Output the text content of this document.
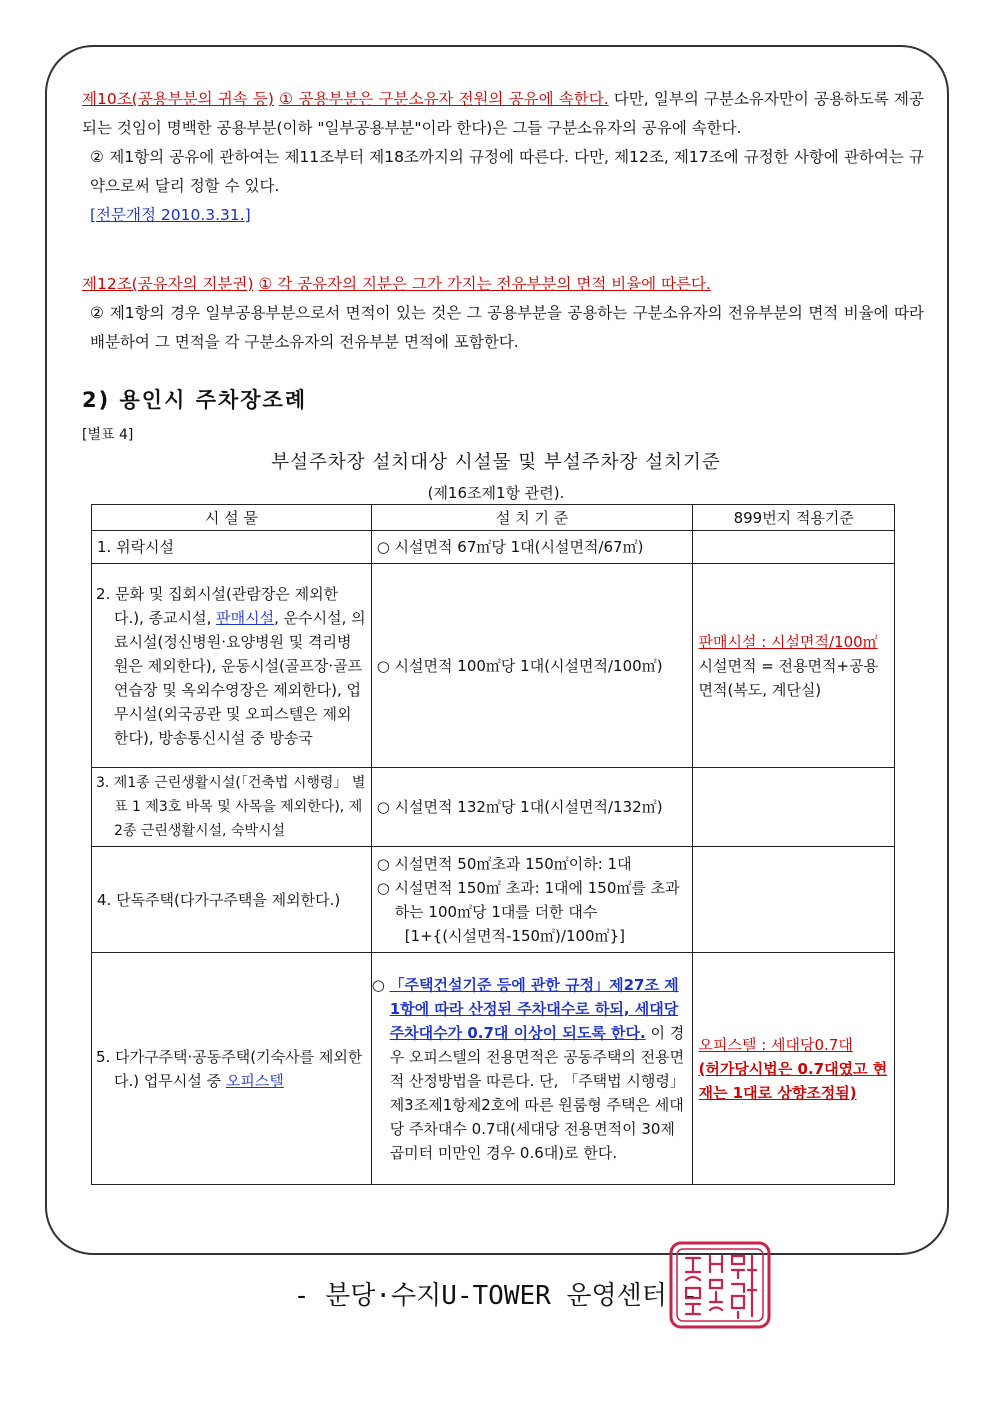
제10조(공용부분의 귀속 등) ① 공용부분은 구분소유자 전원의 공유에 속한다. 다만, 일부의 구분소유자만이 공용하도록 제공되는 것임이 명백한 공용부분(이하 "일부공용부분"이라 한다)은 그들 구분소유자의 공유에 속한다.
② 제1항의 공유에 관하여는 제11조부터 제18조까지의 규정에 따른다. 다만, 제12조, 제17조에 규정한 사항에 관하여는 규약으로써 달리 정할 수 있다.
[전문개정 2010.3.31.]
제12조(공유자의 지분권) ① 각 공유자의 지분은 그가 가지는 전유부분의 면적 비율에 따른다.
② 제1항의 경우 일부공용부분으로서 면적이 있는 것은 그 공용부분을 공용하는 구분소유자의 전유부분의 면적 비율에 따라 배분하여 그 면적을 각 구분소유자의 전유부분 면적에 포함한다.
2) 용인시 주차장조례
[별표 4]
부설주차장 설치대상 시설물 및 부설주차장 설치기준
(제16조제1항 관련).
시 설 물	설 치 기 준	899번지 적용기준
1. 위락시설	○ 시설면적 67㎡당 1대(시설면적/67㎡)	
2. 문화 및 집회시설(관람장은 제외한다.), 종교시설, 판매시설, 운수시설, 의료시설(정신병원·요양병원 및 격리병원은 제외한다), 운동시설(골프장·골프연습장 및 옥외수영장은 제외한다), 업무시설(외국공관 및 오피스텔은 제외한다), 방송통신시설 중 방송국	○ 시설면적 100㎡당 1대(시설면적/100㎡)	판매시설 : 시설면적/100㎡
시설면적 = 전용면적+공용면적(복도, 계단실)

3. 제1종 근린생활시설(「건축법 시행령」 별표 1 제3호 바목 및 사목을 제외한다), 제2종 근린생활시설, 숙박시설	○ 시설면적 132㎡당 1대(시설면적/132㎡)	
4. 단독주택(다가구주택을 제외한다.)	○ 시설면적 50㎡초과 150㎡이하: 1대
○ 시설면적 150㎡ 초과: 1대에 150㎡를 초과하는 100㎡당 1대를 더한 대수
[1+{(시설면적-150㎡)/100㎡}]	

5. 다가구주택·공동주택(기숙사를 제외한다.) 업무시설 중 오피스텔	○ 「주택건설기준 등에 관한 규정」제27조 제1항에 따라 산정된 주차대수로 하되, 세대당 주차대수가 0.7대 이상이 되도록 한다. 이 경우 오피스텔의 전용면적은 공동주택의 전용면적 산정방법을 따른다. 단, 「주택법 시행령」 제3조제1항제2호에 따른 원룸형 주택은 세대당 주차대수 0.7대(세대당 전용면적이 30제곱미터 미만인 경우 0.6대)로 한다.	오피스텔 : 세대당0.7대
(허가당시법은 0.7대였고 현재는 1대로 상향조정됨)
- 분당·수지U-TOWER 운영센터 -
